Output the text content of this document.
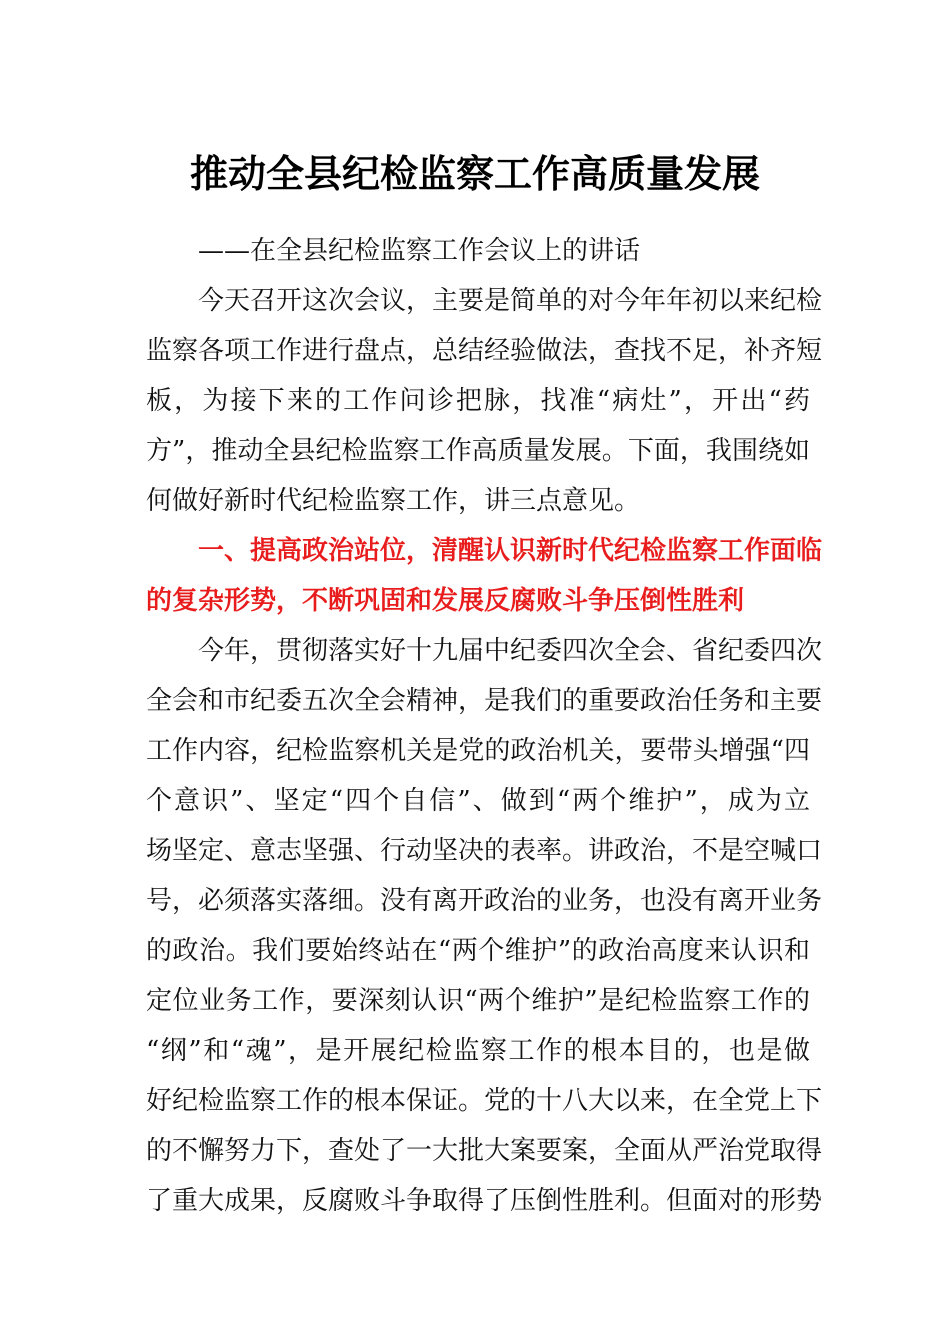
推动全县纪检监察工作高质量发展
——在全县纪检监察工作会议上的讲话
今天召开这次会议，主要是简单的对今年年初以来纪检
监察各项工作进行盘点，总结经验做法，查找不足，补齐短
板，为接下来的工作问诊把脉，找准“病灶”，开出“药
方”，推动全县纪检监察工作高质量发展。下面，我围绕如
何做好新时代纪检监察工作，讲三点意见。
一、提高政治站位，清醒认识新时代纪检监察工作面临
的复杂形势，不断巩固和发展反腐败斗争压倒性胜利
今年，贯彻落实好十九届中纪委四次全会、省纪委四次
全会和市纪委五次全会精神，是我们的重要政治任务和主要
工作内容，纪检监察机关是党的政治机关，要带头增强“四
个意识”、坚定“四个自信”、做到“两个维护”，成为立
场坚定、意志坚强、行动坚决的表率。讲政治，不是空喊口
号，必须落实落细。没有离开政治的业务，也没有离开业务
的政治。我们要始终站在“两个维护”的政治高度来认识和
定位业务工作，要深刻认识“两个维护”是纪检监察工作的
“纲”和“魂”，是开展纪检监察工作的根本目的，也是做
好纪检监察工作的根本保证。党的十八大以来，在全党上下
的不懈努力下，查处了一大批大案要案，全面从严治党取得
了重大成果，反腐败斗争取得了压倒性胜利。但面对的形势
